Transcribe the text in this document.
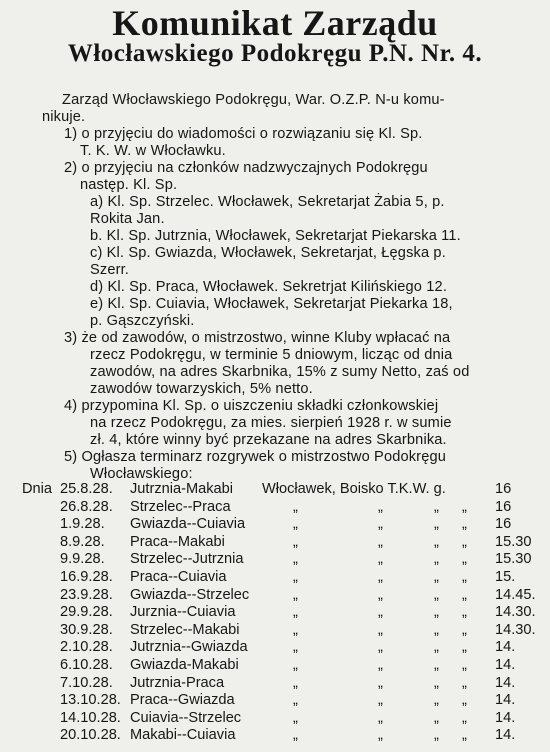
Komunikat Zarządu
Włocławskiego Podokręgu P.N. Nr. 4.
Zarząd Włocławskiego Podokręgu, War. O.Z.P. N-u komu-
nikuje.
1) o przyjęciu do wiadomości o rozwiązaniu się Kl. Sp.
T. K. W. w Włocławku.
2) o przyjęciu na członków nadzwyczajnych Podokręgu
następ. Kl. Sp.
a) Kl. Sp. Strzelec. Włocławek, Sekretarjat Żabia 5, p.
Rokita Jan.
b. Kl. Sp. Jutrznia, Włocławek, Sekretarjat Piekarska 11.
c) Kl. Sp. Gwiazda, Włocławek, Sekretarjat, Łęgska p.
Szerr.
d) Kl. Sp. Praca, Włocławek. Sekretrjat Kilińskiego 12.
e) Kl. Sp. Cuiavia, Włocławek, Sekretarjat Piekarka 18,
p. Gąszczyński.
3) że od zawodów, o mistrzostwo, winne Kluby wpłacać na
rzecz Podokręgu, w terminie 5 dniowym, licząc od dnia
zawodów, na adres Skarbnika, 15% z sumy Netto, zaś od
zawodów towarzyskich, 5% netto.
4) przypomina Kl. Sp. o uiszczeniu składki członkowskiej
na rzecz Podokręgu, za mies. sierpień 1928 r. w sumie
zł. 4, które winny być przekazane na adres Skarbnika.
5) Ogłasza terminarz rozgrywek o mistrzostwo Podokręgu
Włocławskiego:
Dnia 25.8.28. Jutrznia-Makabi Włocławek, Boisko T.K.W. g.	16
26.8.28. Strzelec--Praca	„	„	„ „ 16
1.9.28. Gwiazda--Cuiavia	„	„	„ „ 16
8.9.28. Praca--Makabi	„	„	„ „ 15.30
9.9.28. Strzelec--Jutrznia	„	„	„ „ 15.30
16.9.28. Praca--Cuiavia	„	„	„ „ 15.
23.9.28. Gwiazda--Strzelec	„	„	„ „ 14.45.
29.9.28. Jurznia--Cuiavia	„	„	„ „ 14.30.
30.9.28. Strzelec--Makabi	„	„	„ „ 14.30.
2.10.28. Jutrznia--Gwiazda	„	„	„ „ 14.
6.10.28. Gwiazda-Makabi	„	„	„ „ 14.
7.10.28. Jutrznia-Praca	„	„	„ „ 14.
13.10.28. Praca--Gwiazda	„	„	„ „ 14.
14.10.28. Cuiavia--Strzelec	„	„	„ „ 14.
20.10.28. Makabi--Cuiavia	„	„	„ „ 14.
